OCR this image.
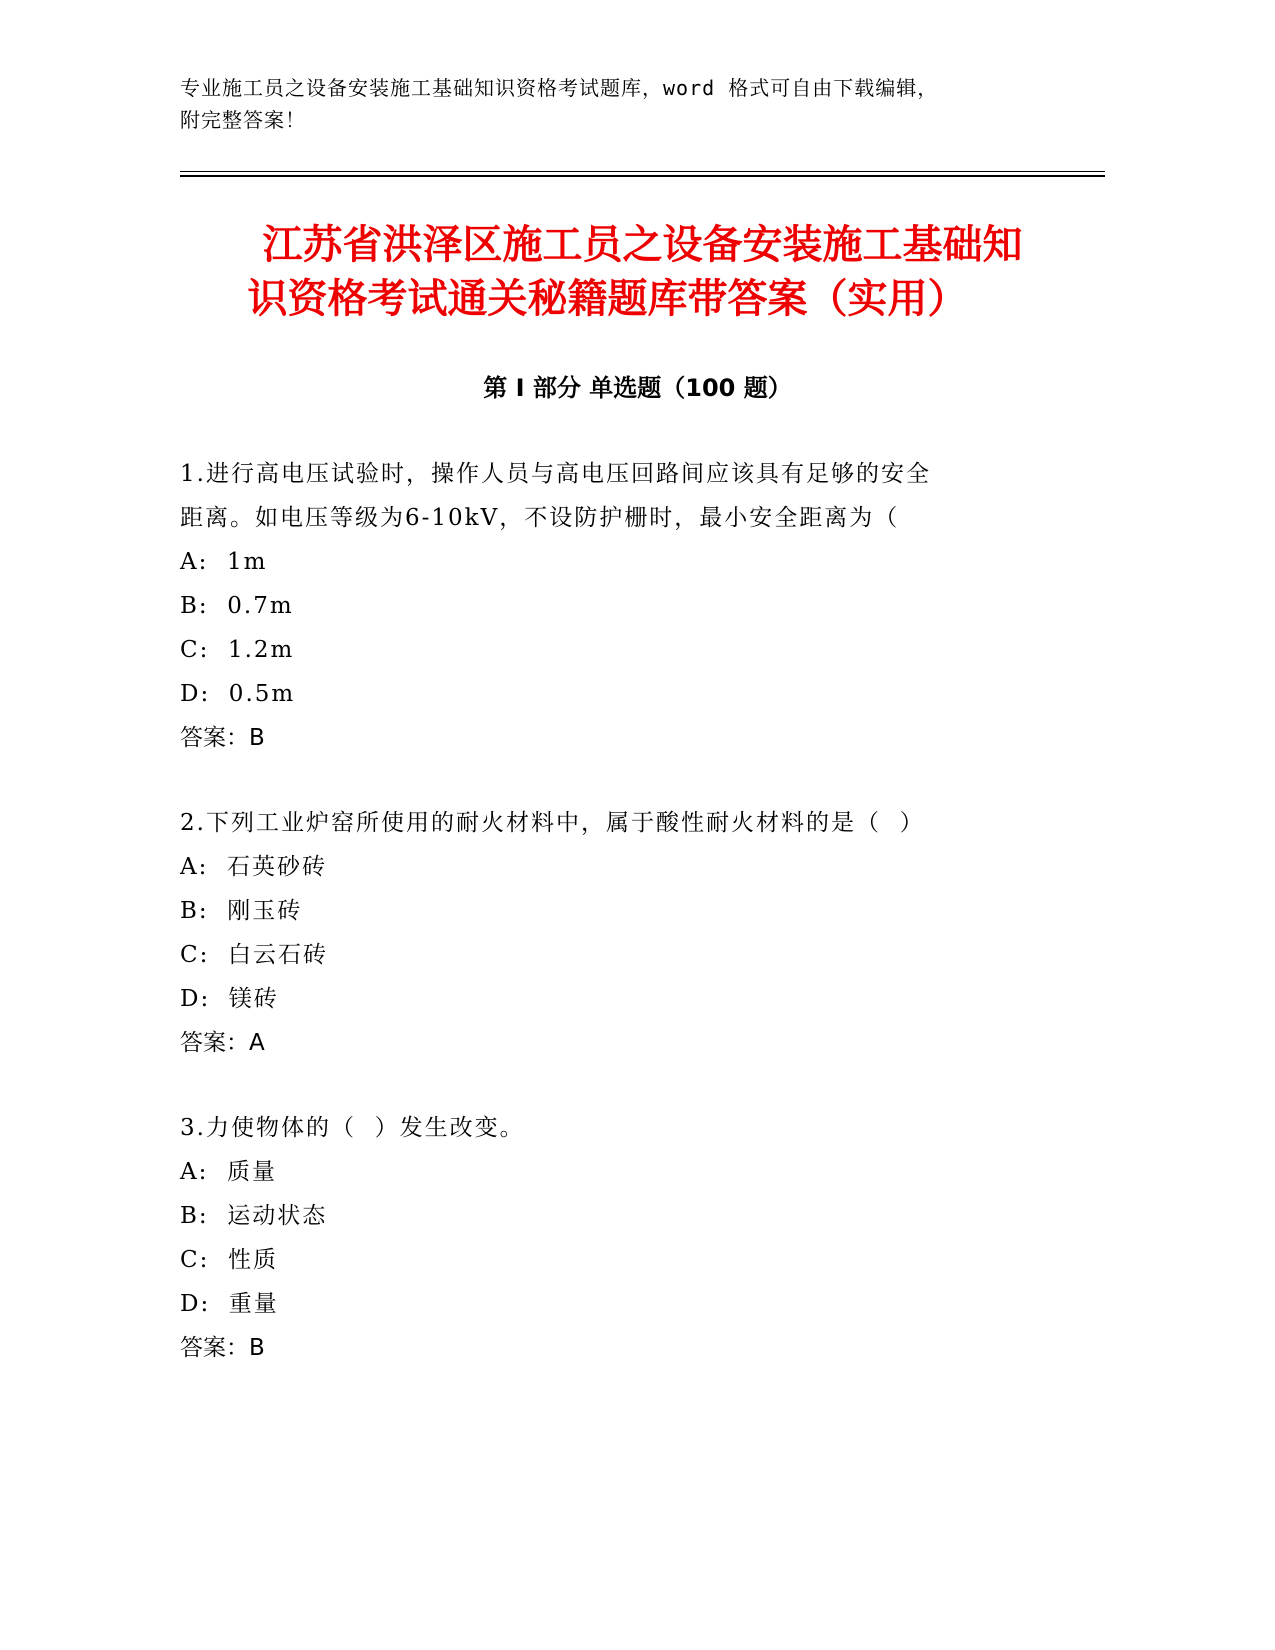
专业施工员之设备安装施工基础知识资格考试题库，word 格式可自由下载编辑，
附完整答案！
江苏省洪泽区施工员之设备安装施工基础知
识资格考试通关秘籍题库带答案（实用）
第 I 部分 单选题（100 题）
1.进行高电压试验时，操作人员与高电压回路间应该具有足够的安全
距离。如电压等级为6-10kV，不设防护栅时，最小安全距离为（
A:  1m
B:  0.7m
C:  1.2m
D:  0.5m
答案：B
2.下列工业炉窑所使用的耐火材料中，属于酸性耐火材料的是（  ）
A:  石英砂砖
B:  刚玉砖
C:  白云石砖
D:  镁砖
答案：A
3.力使物体的（  ）发生改变。
A:  质量
B:  运动状态
C:  性质
D:  重量
答案：B
